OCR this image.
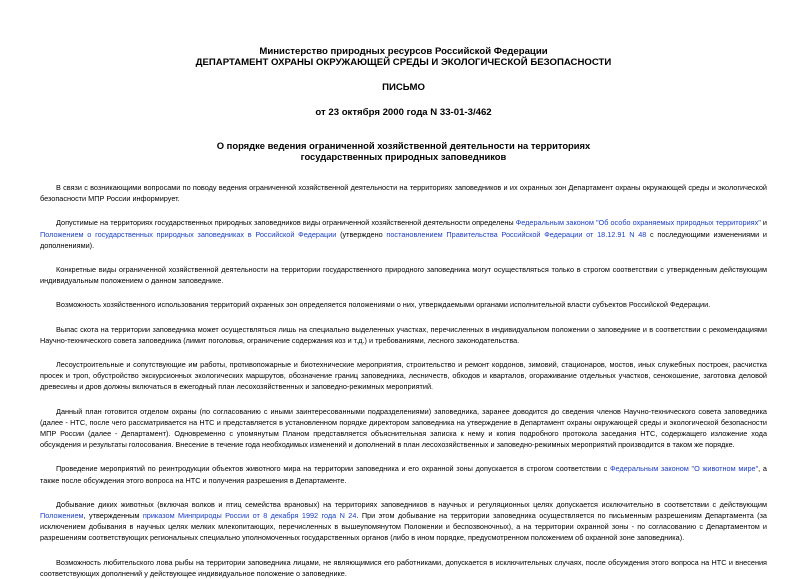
Министерство природных ресурсов Российской Федерации
ДЕПАРТАМЕНТ ОХРАНЫ ОКРУЖАЮЩЕЙ СРЕДЫ И ЭКОЛОГИЧЕСКОЙ БЕЗОПАСНОСТИ
ПИСЬМО
от 23 октября 2000 года N 33-01-3/462
О порядке ведения ограниченной хозяйственной деятельности на территориях
государственных природных заповедников

В связи с возникающими вопросами по поводу ведения ограниченной хозяйственной деятельности на территориях заповедников и их охранных зон Департамент охраны окружающей среды и экологической безопасности МПР России информирует.

Допустимые на территориях государственных природных заповедников виды ограниченной хозяйственной деятельности определены Федеральным законом "Об особо охраняемых природных территориях" и Положением о государственных природных заповедниках в Российской Федерации (утверждено постановлением Правительства Российской Федерации от 18.12.91 N 48 с последующими изменениями и дополнениями).

Конкретные виды ограниченной хозяйственной деятельности на территории государственного природного заповедника могут осуществляться только в строгом соответствии с утвержденным действующим индивидуальным положением о данном заповеднике.

Возможность хозяйственного использования территорий охранных зон определяется положениями о них, утверждаемыми органами исполнительной власти субъектов Российской Федерации.

Выпас скота на территории заповедника может осуществляться лишь на специально выделенных участках, перечисленных в индивидуальном положении о заповеднике и в соответствии с рекомендациями Научно-технического совета заповедника (лимит поголовья, ограничение содержания коз и т.д.) и требованиями, лесного законодательства.

Лесоустроительные и сопутствующие им работы, противопожарные и биотехнические мероприятия, строительство и ремонт кордонов, зимовий, стационаров, мостов, иных служебных построек, расчистка просек и троп, обустройство экскурсионных экологических маршрутов, обозначение границ заповедника, лесничеств, обходов и кварталов, огораживание отдельных участков, сенокошение, заготовка деловой древесины и дров должны включаться в ежегодный план лесохозяйственных и заповедно-режимных мероприятий.

Данный план готовится отделом охраны (по согласованию с иными заинтересованными подразделениями) заповедника, заранее доводится до сведения членов Научно-технического совета заповедника (далее - НТС, после чего рассматривается на НТС и представляется в установленном порядке директором заповедника на утверждение в Департамент охраны окружающей среды и экологической безопасности МПР России (далее - Департамент). Одновременно с упомянутым Планом представляется объяснительная записка к нему и копия подробного протокола заседания НТС, содержащего изложение хода обсуждения и результаты голосования. Внесение в течение года необходимых изменений и дополнений в план лесохозяйственных и заповедно-режимных мероприятий производится в таком же порядке.

Проведение мероприятий по реинтродукции объектов животного мира на территории заповедника и его охранной зоны допускается в строгом соответствии с Федеральным законом "О животном мире", а также после обсуждения этого вопроса на НТС и получения разрешения в Департаменте.

Добывание диких животных (включая волков и птиц семейства врановых) на территориях заповедников в научных и регуляционных целях допускается исключительно в соответствии с действующим Положением, утвержденным приказом Минприроды России от 8 декабря 1992 года N 24. При этом добывание на территории заповедника осуществляется по письменным разрешениям Департамента (за исключением добывания в научных целях мелких млекопитающих, перечисленных в вышеупомянутом Положении и беспозвоночных), а на территории охранной зоны - по согласованию с Департаментом и разрешениям соответствующих региональных специально уполномоченных государственных органов (либо в ином порядке, предусмотренном положением об охранной зоне заповедника).

Возможность любительского лова рыбы на территории заповедника лицами, не являющимися его работниками, допускается в исключительных случаях, после обсуждения этого вопроса на НТС и внесения соответствующих дополнений у действующее индивидуальное положение о заповеднике.
